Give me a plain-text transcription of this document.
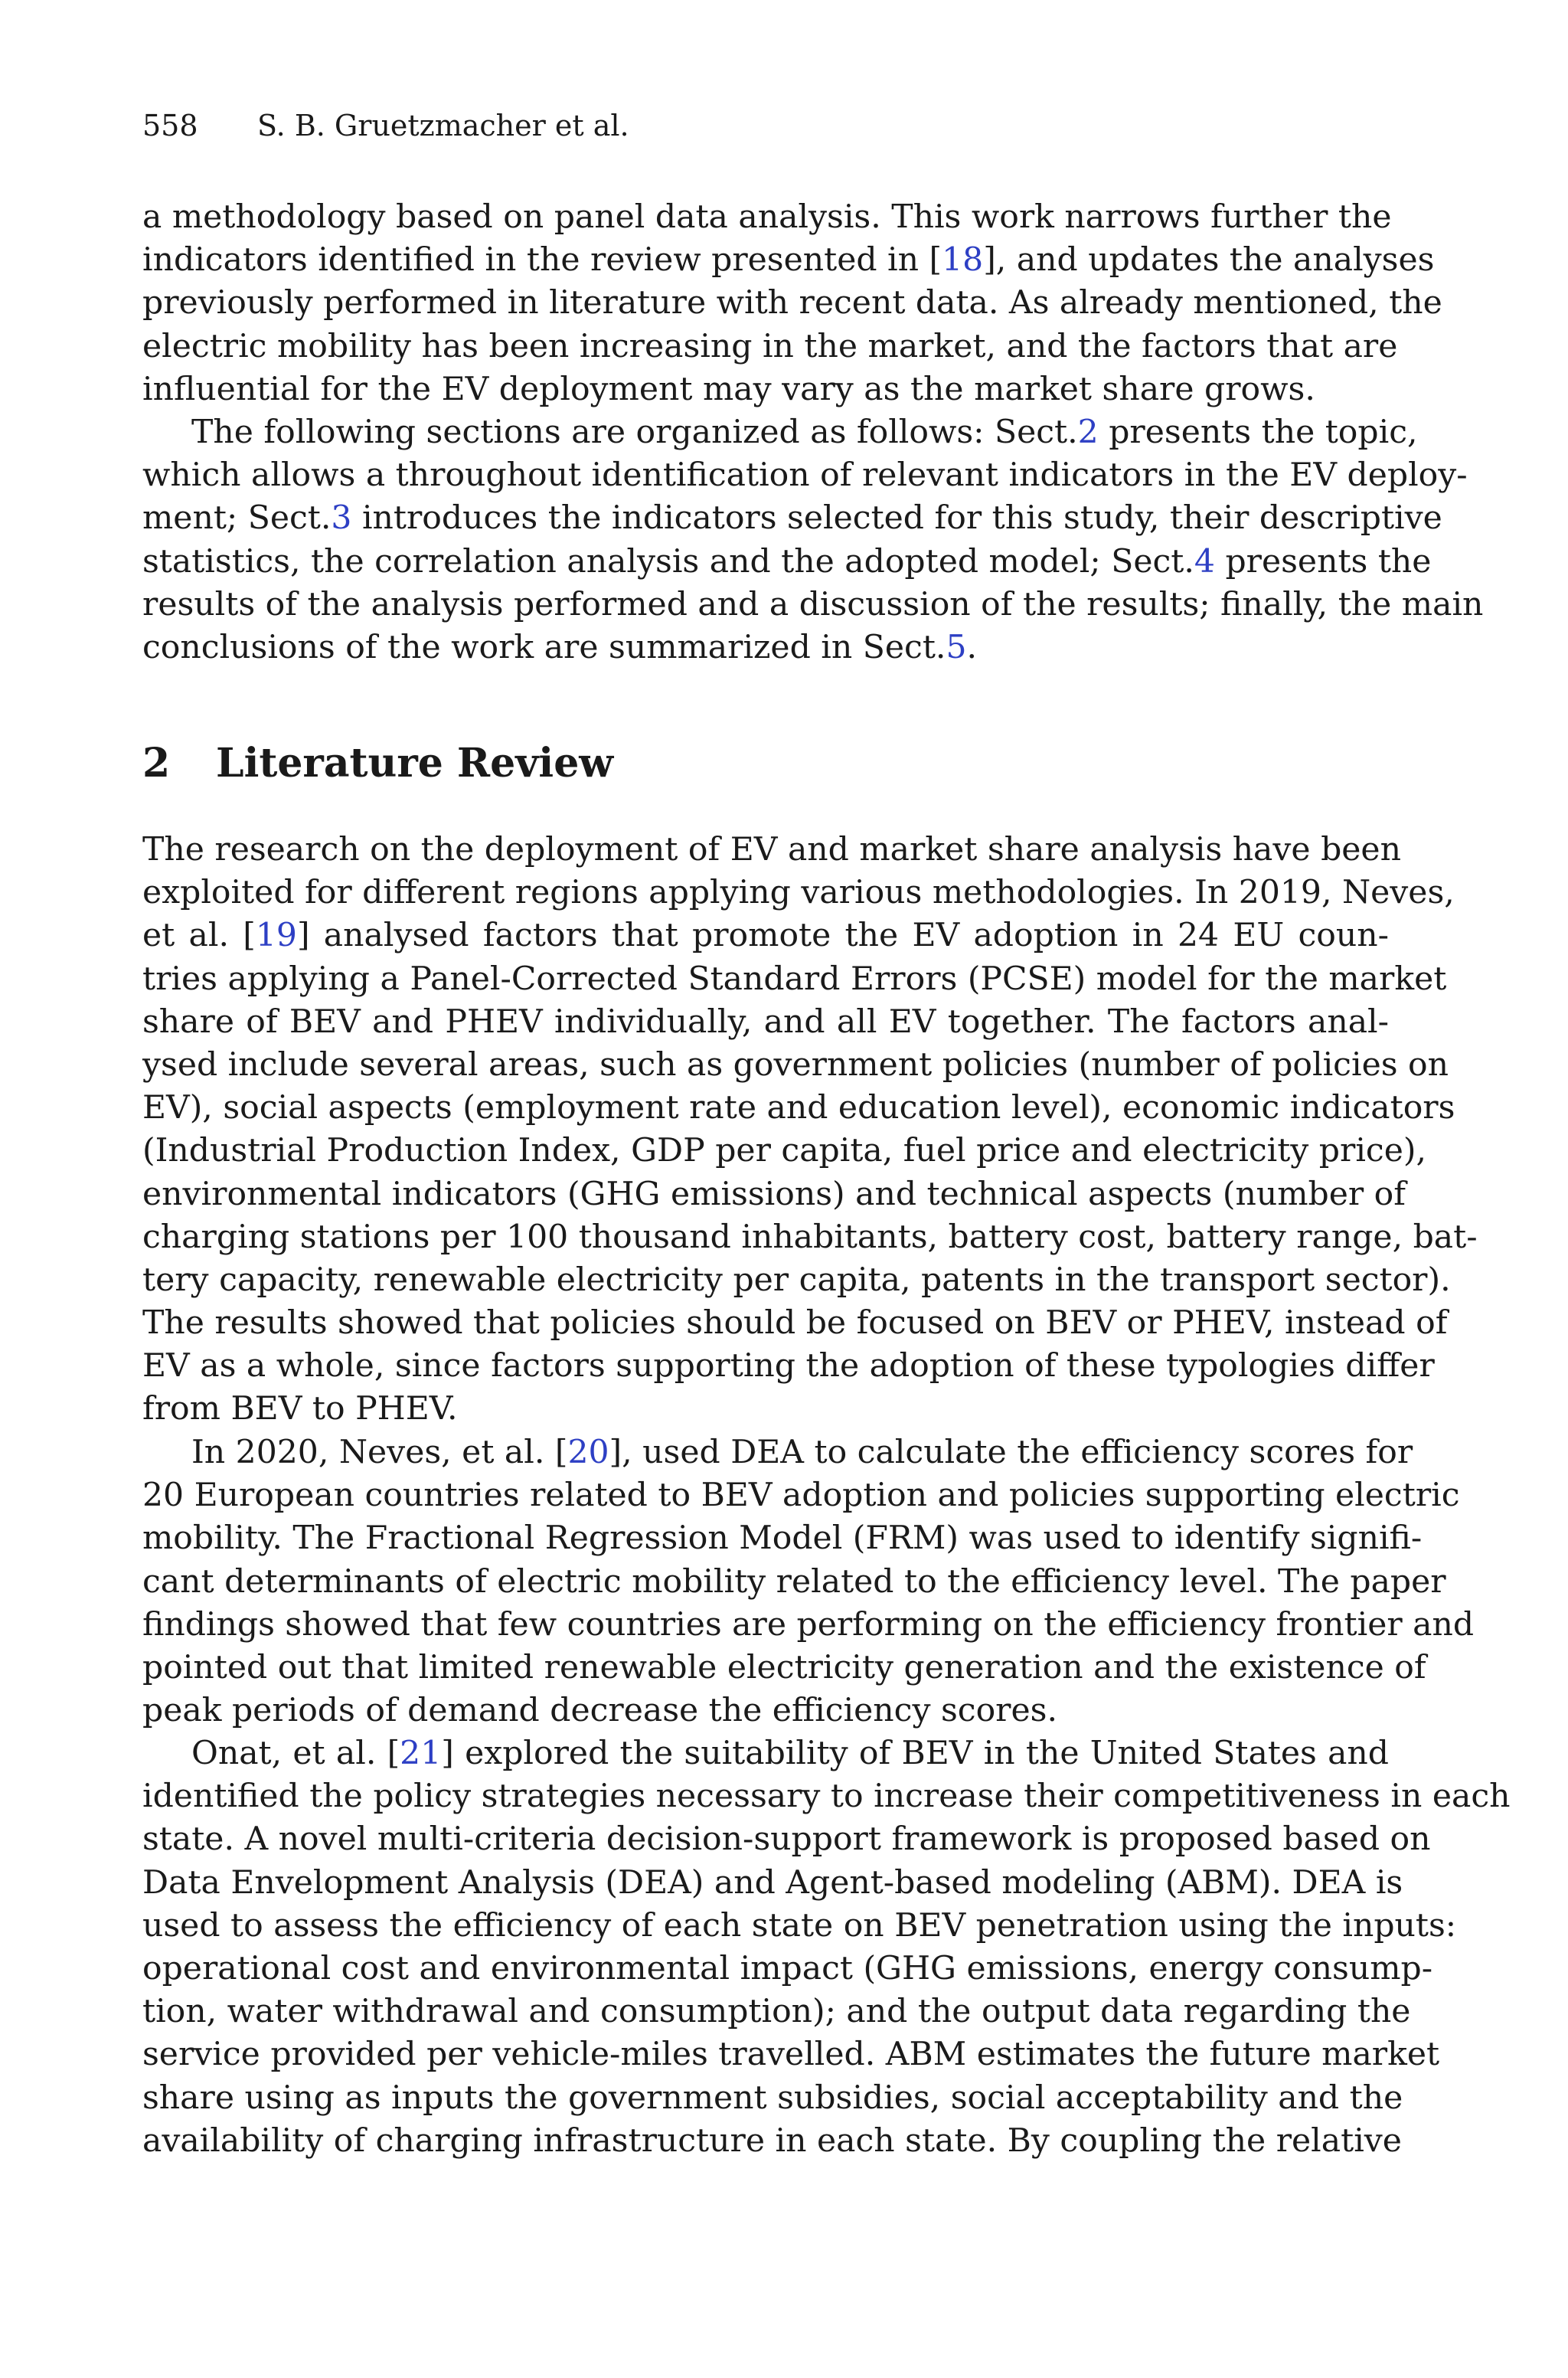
558 S. B. Gruetzmacher et al.
a methodology based on panel data analysis. This work narrows further the
indicators identified in the review presented in [18], and updates the analyses
previously performed in literature with recent data. As already mentioned, the
electric mobility has been increasing in the market, and the factors that are
influential for the EV deployment may vary as the market share grows.
The following sections are organized as follows: Sect.2 presents the topic,
which allows a throughout identification of relevant indicators in the EV deploy-
ment; Sect.3 introduces the indicators selected for this study, their descriptive
statistics, the correlation analysis and the adopted model; Sect.4 presents the
results of the analysis performed and a discussion of the results; finally, the main
conclusions of the work are summarized in Sect.5.
2 Literature Review
The research on the deployment of EV and market share analysis have been
exploited for different regions applying various methodologies. In 2019, Neves,
et al. [19] analysed factors that promote the EV adoption in 24 EU coun-
tries applying a Panel-Corrected Standard Errors (PCSE) model for the market
share of BEV and PHEV individually, and all EV together. The factors anal-
ysed include several areas, such as government policies (number of policies on
EV), social aspects (employment rate and education level), economic indicators
(Industrial Production Index, GDP per capita, fuel price and electricity price),
environmental indicators (GHG emissions) and technical aspects (number of
charging stations per 100 thousand inhabitants, battery cost, battery range, bat-
tery capacity, renewable electricity per capita, patents in the transport sector).
The results showed that policies should be focused on BEV or PHEV, instead of
EV as a whole, since factors supporting the adoption of these typologies differ
from BEV to PHEV.
In 2020, Neves, et al. [20], used DEA to calculate the efficiency scores for
20 European countries related to BEV adoption and policies supporting electric
mobility. The Fractional Regression Model (FRM) was used to identify signifi-
cant determinants of electric mobility related to the efficiency level. The paper
findings showed that few countries are performing on the efficiency frontier and
pointed out that limited renewable electricity generation and the existence of
peak periods of demand decrease the efficiency scores.
Onat, et al. [21] explored the suitability of BEV in the United States and
identified the policy strategies necessary to increase their competitiveness in each
state. A novel multi-criteria decision-support framework is proposed based on
Data Envelopment Analysis (DEA) and Agent-based modeling (ABM). DEA is
used to assess the efficiency of each state on BEV penetration using the inputs:
operational cost and environmental impact (GHG emissions, energy consump-
tion, water withdrawal and consumption); and the output data regarding the
service provided per vehicle-miles travelled. ABM estimates the future market
share using as inputs the government subsidies, social acceptability and the
availability of charging infrastructure in each state. By coupling the relative
